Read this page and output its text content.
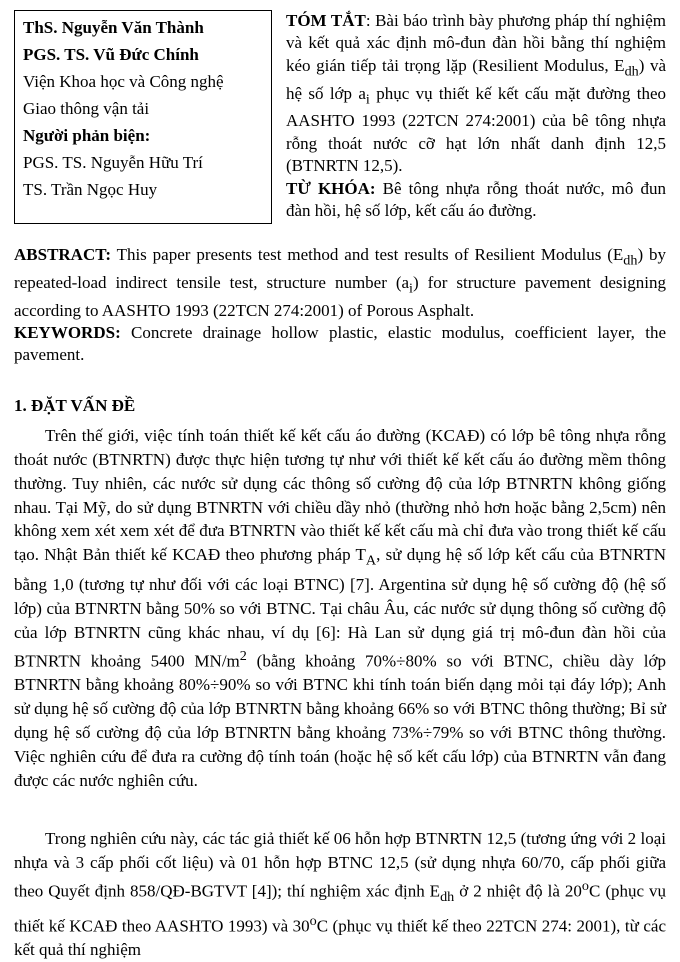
ThS. Nguyễn Văn Thành
PGS. TS. Vũ Đức Chính
Viện Khoa học và Công nghệ
Giao thông vận tải
Người phản biện:
PGS. TS. Nguyễn Hữu Trí
TS. Trần Ngọc Huy

TÓM TẮT: Bài báo trình bày phương pháp thí nghiệm và kết quả xác định mô-đun đàn hồi bằng thí nghiệm kéo gián tiếp tải trọng lặp (Resilient Modulus, $E_{dh}$) và hệ số lớp $a_i$ phục vụ thiết kế kết cấu mặt đường theo AASHTO 1993 (22TCN 274:2001) của bê tông nhựa rỗng thoát nước cỡ hạt lớn nhất danh định 12,5 (BTNRTN 12,5).

TỪ KHÓA: Bê tông nhựa rỗng thoát nước, mô đun đàn hồi, hệ số lớp, kết cấu áo đường.

ABSTRACT: This paper presents test method and test results of Resilient Modulus $(E_{dh})$ by repeated-load indirect tensile test, structure number $(a_i)$ for structure pavement designing according to AASHTO 1993 (22TCN 274:2001) of Porous Asphalt.

KEYWORDS: Concrete drainage hollow plastic, elastic modulus, coefficient layer, the pavement.

1. ĐẶT VẤN ĐỀ

Trên thế giới, việc tính toán thiết kế kết cấu áo đường (KCAĐ) có lớp bê tông nhựa rỗng thoát nước (BTNRTN) được thực hiện tương tự như với thiết kế kết cấu áo đường mềm thông thường. Tuy nhiên, các nước sử dụng các thông số cường độ của lớp BTNRTN không giống nhau. Tại Mỹ, do sử dụng BTNRTN với chiều dầy nhỏ (thường nhỏ hơn hoặc bằng 2,5cm) nên không xem xét xem xét để đưa BTNRTN vào thiết kế kết cấu mà chỉ đưa vào trong thiết kế cấu tạo. Nhật Bản thiết kế KCAĐ theo phương pháp $T_A$, sử dụng hệ số lớp kết cấu của BTNRTN bằng 1,0 (tương tự như đối với các loại BTNC) [7]. Argentina sử dụng hệ số cường độ (hệ số lớp) của BTNRTN bằng 50% so với BTNC. Tại châu Âu, các nước sử dụng thông số cường độ của lớp BTNRTN cũng khác nhau, ví dụ [6]: Hà Lan sử dụng giá trị mô-đun đàn hồi của BTNRTN khoảng 5400 $MN/m^2$ (bằng khoảng 70%÷80% so với BTNC, chiều dày lớp BTNRTN bằng khoảng 80%÷90% so với BTNC khi tính toán biến dạng mỏi tại đáy lớp); Anh sử dụng hệ số cường độ của lớp BTNRTN bằng khoảng 66% so với BTNC thông thường; Bỉ sử dụng hệ số cường độ của lớp BTNRTN bằng khoảng 73%÷79% so với BTNC thông thường. Việc nghiên cứu để đưa ra cường độ tính toán (hoặc hệ số kết cấu lớp) của BTNRTN vẫn đang được các nước nghiên cứu.

Trong nghiên cứu này, các tác giả thiết kế 06 hỗn hợp BTNRTN 12,5 (tương ứng với 2 loại nhựa và 3 cấp phối cốt liệu) và 01 hỗn hợp BTNC 12,5 (sử dụng nhựa 60/70, cấp phối giữa theo Quyết định 858/QĐ-BGTVT [4]); thí nghiệm xác định $E_{dh}$ ở 2 nhiệt độ là 20$^o$C (phục vụ thiết kế KCAĐ theo AASHTO 1993) và 30$^o$C (phục vụ thiết kế theo 22TCN 274: 2001), từ các kết quả thí nghiệm
